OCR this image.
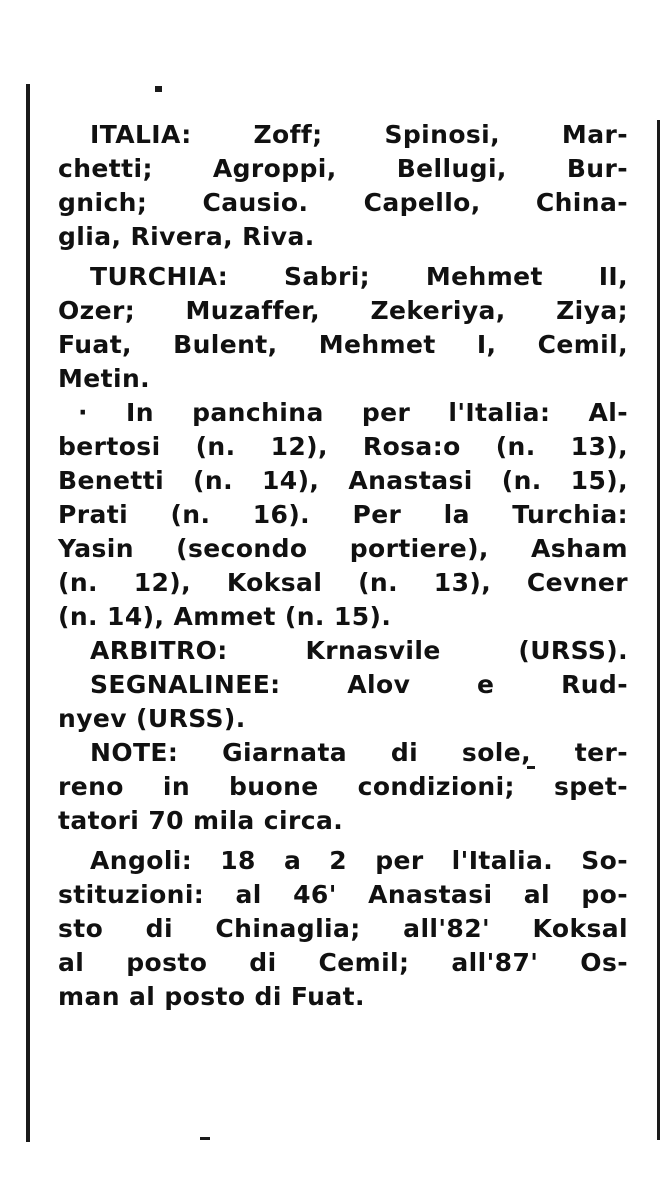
ITALIA: Zoff; Spinosi, Mar-
chetti; Agroppi, Bellugi, Bur-
gnich; Causio. Capello, China-
glia, Rivera, Riva.
TURCHIA: Sabri; Mehmet II,
Ozer; Muzaffer, Zekeriya, Ziya;
Fuat, Bulent, Mehmet I, Cemil,
Metin.
· In panchina per l'Italia: Al-
bertosi (n. 12), Rosa:o (n. 13),
Benetti (n. 14), Anastasi (n. 15),
Prati (n. 16). Per la Turchia:
Yasin (secondo portiere), Asham
(n. 12), Koksal (n. 13), Cevner
(n. 14), Ammet (n. 15).
ARBITRO: Krnasvile (URSS).
SEGNALINEE: Alov e Rud-
nyev (URSS).
NOTE: Giarnata di sole, ter-
reno in buone condizioni; spet-
tatori 70 mila circa.
Angoli: 18 a 2 per l'Italia. So-
stituzioni: al 46' Anastasi al po-
sto di Chinaglia; all'82' Koksal
al posto di Cemil; all'87' Os-
man al posto di Fuat.
